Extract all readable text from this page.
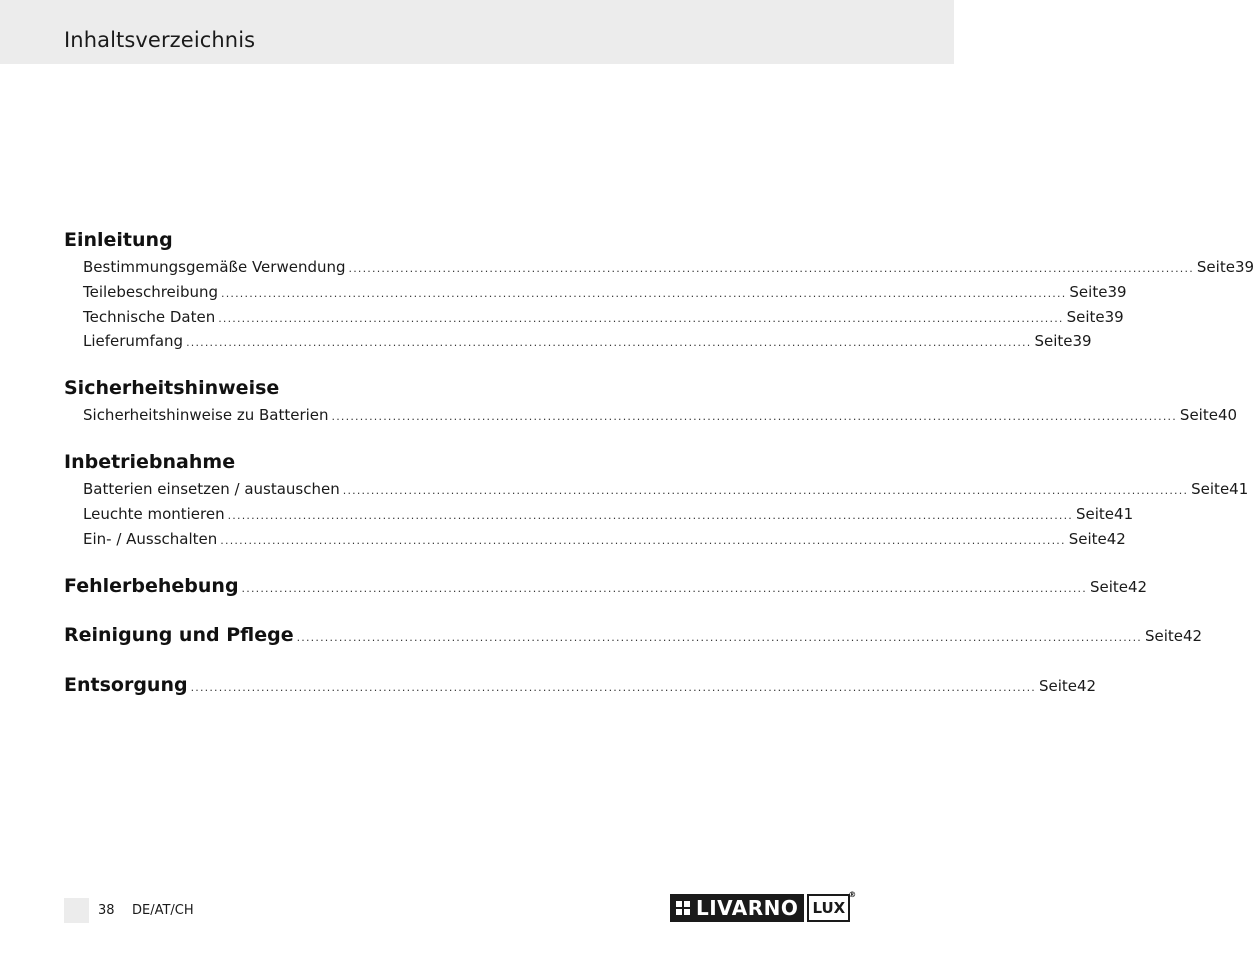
Inhaltsverzeichnis
Einleitung
Bestimmungsgemäße Verwendung .................................................................................................................................................................................... Seite 39
Teilebeschreibung .................................................................................................................................................................................... Seite 39
Technische Daten .................................................................................................................................................................................... Seite 39
Lieferumfang .................................................................................................................................................................................... Seite 39
Sicherheitshinweise
Sicherheitshinweise zu Batterien .................................................................................................................................................................................... Seite 40
Inbetriebnahme
Batterien einsetzen / austauschen .................................................................................................................................................................................... Seite 41
Leuchte montieren .................................................................................................................................................................................... Seite 41
Ein- / Ausschalten .................................................................................................................................................................................... Seite 42
Fehlerbehebung .................................................................................................................................................................................... Seite 42
Reinigung und Pflege .................................................................................................................................................................................... Seite 42
Entsorgung .................................................................................................................................................................................... Seite 42
38 DE/AT/CH	LIVARNO LUX
®
